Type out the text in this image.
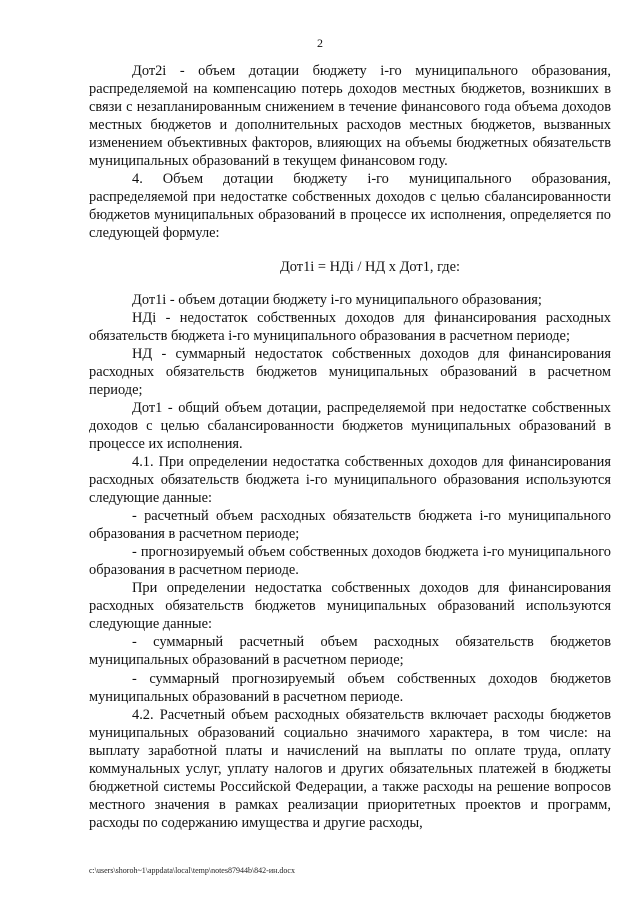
2

Дот2i - объем дотации бюджету i-го муниципального образования, распределяемой на компенсацию потерь доходов местных бюджетов, возникших в связи с незапланированным снижением в течение финансового года объема доходов местных бюджетов и дополнительных расходов местных бюджетов, вызванных изменением объективных факторов, влияющих на объемы бюджетных обязательств муниципальных образований в текущем финансовом году.

4. Объем дотации бюджету i-го муниципального образования, распределяемой при недостатке собственных доходов с целью сбалансированности бюджетов муниципальных образований в процессе их исполнения, определяется по следующей формуле:

Дот1i = НДi / НД x Дот1, где:

Дот1i - объем дотации бюджету i-го муниципального образования;

НДi - недостаток собственных доходов для финансирования расходных обязательств бюджета i-го муниципального образования в расчетном периоде;

НД - суммарный недостаток собственных доходов для финансирования расходных обязательств бюджетов муниципальных образований в расчетном периоде;

Дот1 - общий объем дотации, распределяемой при недостатке собственных доходов с целью сбалансированности бюджетов муниципальных образований в процессе их исполнения.

4.1. При определении недостатка собственных доходов для финансирования расходных обязательств бюджета i-го муниципального образования используются следующие данные:

- расчетный объем расходных обязательств бюджета i-го муниципального образования в расчетном периоде;

- прогнозируемый объем собственных доходов бюджета i-го муниципального образования в расчетном периоде.

При определении недостатка собственных доходов для финансирования расходных обязательств бюджетов муниципальных образований используются следующие данные:

- суммарный расчетный объем расходных обязательств бюджетов муниципальных образований в расчетном периоде;

- суммарный прогнозируемый объем собственных доходов бюджетов муниципальных образований в расчетном периоде.

4.2. Расчетный объем расходных обязательств включает расходы бюджетов муниципальных образований социально значимого характера, в том числе: на выплату заработной платы и начислений на выплаты по оплате труда, оплату коммунальных услуг, уплату налогов и других обязательных платежей в бюджеты бюджетной системы Российской Федерации, а также расходы на решение вопросов местного значения в рамках реализации приоритетных проектов и программ, расходы по содержанию имущества и другие расходы,

c:\users\shoroh~1\appdata\local\temp\notes87944b\842-ин.docx
